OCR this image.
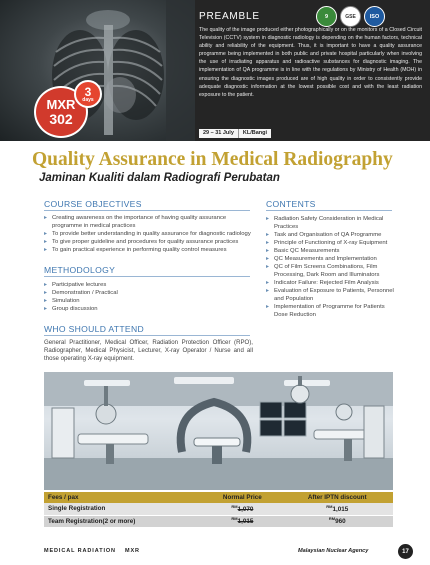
MXR
302
3
days
PREAMBLE	9	GSE	ISO

The quality of the image produced either photographically or on the monitors of a Closed Circuit Television (CCTV) system in diagnostic radiology is depending on the human factors, technical ability and reliability of the equipment. Thus, it is important to have a quality assurance programme being implemented in both public and private hospital particularly when involving the use of irradiating apparatus and radioactive substances for diagnostic imaging. The implementation of QA programme is in line with the regulations by Ministry of Health (MOH) in ensuring the diagnostic images produced are of high quality in order to consistently provide adequate diagnostic information at the lowest possible cost and with the least radiation exposure to the patient.

29 – 31 July	KL/Bangi
Quality Assurance in Medical Radiography
Jaminan Kualiti dalam Radiografi Perubatan
COURSE OBJECTIVES
▸ Creating awareness on the importance of having quality assurance programme in medical practices
▸ To provide better understanding in quality assurance for diagnostic radiology
▸ To give proper guideline and procedures for quality assurance practices
▸ To gain practical experience in performing quality control measures
METHODOLOGY
▸ Participative lectures
▸ Demonstration / Practical
▸ Simulation
▸ Group discussion
WHO SHOULD ATTEND

General Practitioner, Medical Officer, Radiation Protection Officer (RPO), Radiographer, Medical Physicist, Lecturer, X-ray Operator / Nurse and all those operating X-ray equipment.

CONTENTS
▸ Radiation Safety Consideration in Medical Practices
▸ Task and Organisation of QA Programme
▸ Principle of Functioning of X-ray Equipment
▸ Basic QC Measurements
▸ QC Measurements and Implementation
▸ QC of Film Screens Combinations, Film Processing, Dark Room and Illuminators
▸ Indicator Failure: Rejected Film Analysis
▸ Evaluation of Exposure to Patients, Personnel and Population
▸ Implementation of Programme for Patients Dose Reduction
Fees / pax	Normal Price	After IPTN discount
Single Registration	$^{RM}$1,070	$^{RM}$1,015
Team Registration(2 or more)	$^{RM}$1,015	$^{RM}$960
MEDICAL RADIATION MXR	Malaysian Nuclear Agency	17
